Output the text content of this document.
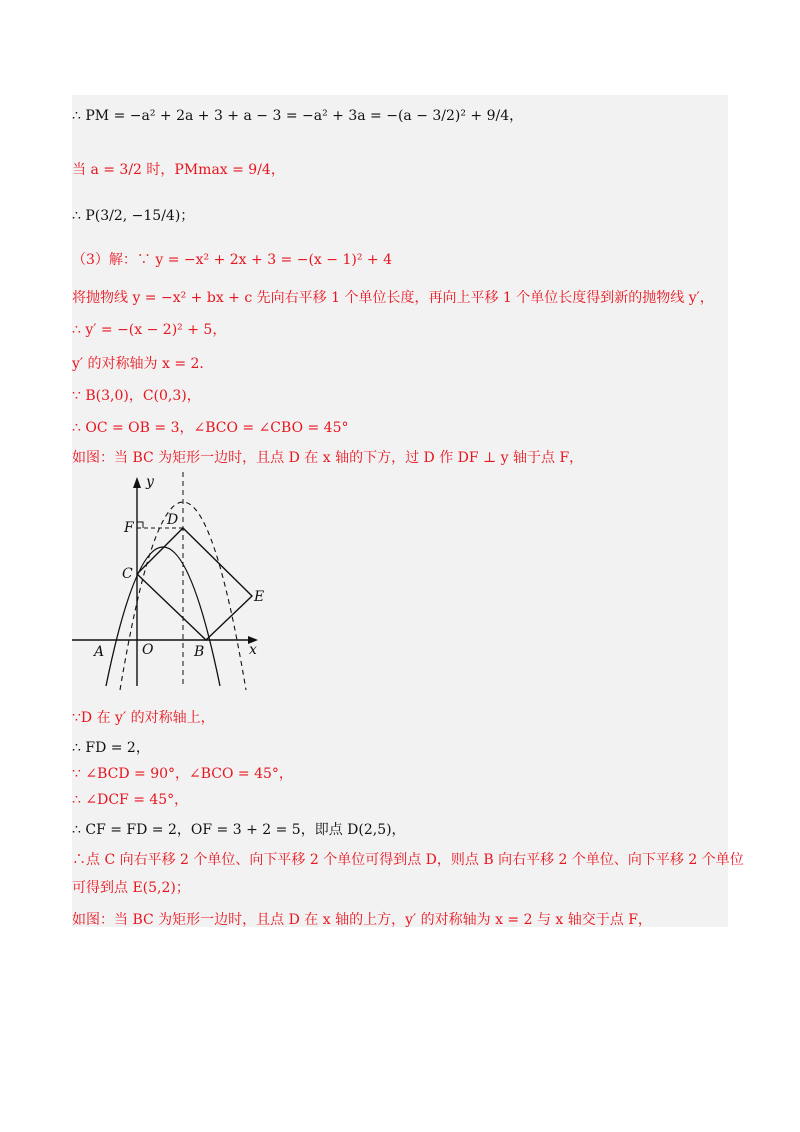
∴ PM = −a² + 2a + 3 + a − 3 = −a² + 3a = −(a − 3/2)² + 9/4，
当 a = 3/2 时，PMmax = 9/4，
∴ P(3/2, −15/4)；
（3）解：∵ y = −x² + 2x + 3 = −(x − 1)² + 4
将抛物线 y = −x² + bx + c 先向右平移 1 个单位长度，再向上平移 1 个单位长度得到新的抛物线 y′，
∴ y′ = −(x − 2)² + 5，
y′ 的对称轴为 x = 2．
∵ B(3,0)，C(0,3)，
∴ OC = OB = 3，∠BCO = ∠CBO = 45°
如图：当 BC 为矩形一边时，且点 D 在 x 轴的下方，过 D 作 DF ⊥ y 轴于点 F，
y
x
F D
C
E
A	O	B
∵D 在 y′ 的对称轴上，
∴ FD = 2，
∵ ∠BCD = 90°，∠BCO = 45°，
∴ ∠DCF = 45°，
∴ CF = FD = 2，OF = 3 + 2 = 5，即点 D(2,5)，
∴点 C 向右平移 2 个单位、向下平移 2 个单位可得到点 D，则点 B 向右平移 2 个单位、向下平移 2 个单位
可得到点 E(5,2)；
如图：当 BC 为矩形一边时，且点 D 在 x 轴的上方，y′ 的对称轴为 x = 2 与 x 轴交于点 F，
